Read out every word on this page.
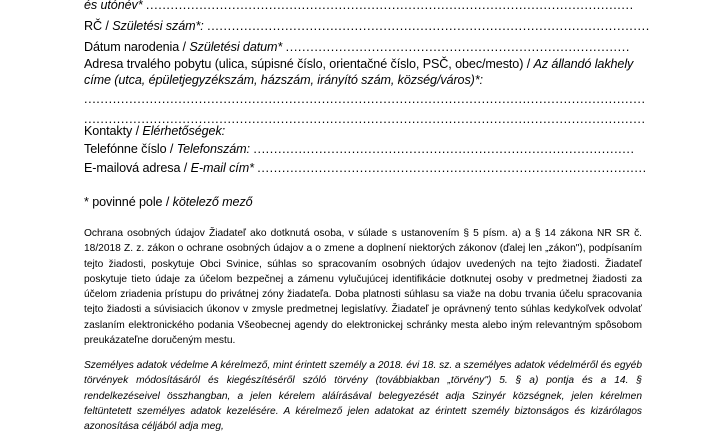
és utónév* .....
RČ / Születési szám*: .....
Dátum narodenia / Születési datum* .....
Adresa trvalého pobytu (ulica, súpisné číslo, orientačné číslo, PSČ, obec/mesto) / Az állandó lakhely címe (utca, épületjegyzékszám, házszám, irányító szám, község/város)*:
.....
.....
Kontakty / Elérhetőségek:
Telefónne číslo / Telefonszám: .....
E-mailová adresa / E-mail cím* .....
* povinné pole / kötelező mező
Ochrana osobných údajov Žiadateľ ako dotknutá osoba, v súlade s ustanovením § 5 písm. a) a § 14 zákona NR SR č. 18/2018 Z. z. zákon o ochrane osobných údajov a o zmene a doplnení niektorých zákonov (ďalej len „zákon"), podpísaním tejto žiadosti, poskytuje Obci Svinice, súhlas so spracovaním osobných údajov uvedených na tejto žiadosti. Žiadateľ poskytuje tieto údaje za účelom bezpečnej a zámenu vylučujúcej identifikácie dotknutej osoby v predmetnej žiadosti za účelom zriadenia prístupu do privátnej zóny žiadateľa. Doba platnosti súhlasu sa viaže na dobu trvania účelu spracovania tejto žiadosti a súvisiacich úkonov v zmysle predmetnej legislatívy. Žiadateľ je oprávnený tento súhlas kedykoľvek odvolať zaslaním elektronického podania Všeobecnej agendy do elektronickej schránky mesta alebo iným relevantným spôsobom preukázateľne doručeným mestu.
Személyes adatok védelme A kérelmező, mint érintett személy a 2018. évi 18. sz. a személyes adatok védelméről és egyéb törvények módosításáról és kiegészítéséről szóló törvény (továbbiakban „törvény") 5. § a) pontja és a 14. § rendelkezéseivel összhangban, a jelen kérelem aláírásával belegyezését adja Szinyér községnek, jelen kérelmen feltüntetett személyes adatok kezelésére. A kérelmező jelen adatokat az érintett személy biztonságos és kizárólagos azonosítása céljából adja meg,
